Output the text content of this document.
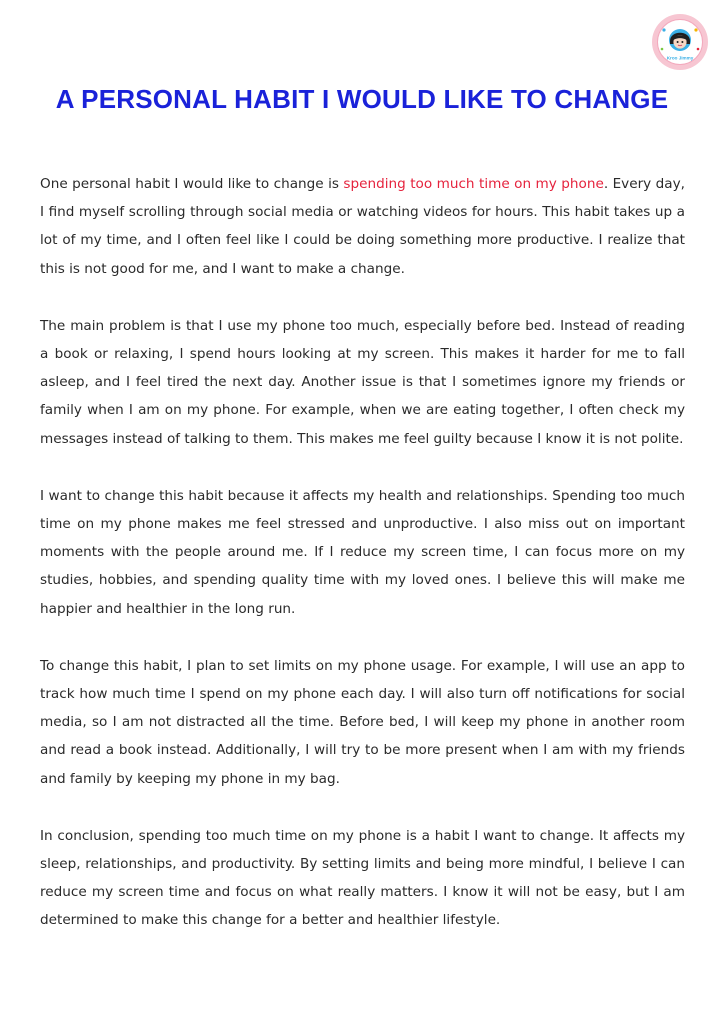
Kroo Jimmy
A PERSONAL HABIT I WOULD LIKE TO CHANGE

One personal habit I would like to change is spending too much time on my phone. Every day, I find myself scrolling through social media or watching videos for hours. This habit takes up a lot of my time, and I often feel like I could be doing something more productive. I realize that this is not good for me, and I want to make a change.

The main problem is that I use my phone too much, especially before bed. Instead of reading a book or relaxing, I spend hours looking at my screen. This makes it harder for me to fall asleep, and I feel tired the next day. Another issue is that I sometimes ignore my friends or family when I am on my phone. For example, when we are eating together, I often check my messages instead of talking to them. This makes me feel guilty because I know it is not polite.

I want to change this habit because it affects my health and relationships. Spending too much time on my phone makes me feel stressed and unproductive. I also miss out on important moments with the people around me. If I reduce my screen time, I can focus more on my studies, hobbies, and spending quality time with my loved ones. I believe this will make me happier and healthier in the long run.

To change this habit, I plan to set limits on my phone usage. For example, I will use an app to track how much time I spend on my phone each day. I will also turn off notifications for social media, so I am not distracted all the time. Before bed, I will keep my phone in another room and read a book instead. Additionally, I will try to be more present when I am with my friends and family by keeping my phone in my bag.

In conclusion, spending too much time on my phone is a habit I want to change. It affects my sleep, relationships, and productivity. By setting limits and being more mindful, I believe I can reduce my screen time and focus on what really matters. I know it will not be easy, but I am determined to make this change for a better and healthier lifestyle.
